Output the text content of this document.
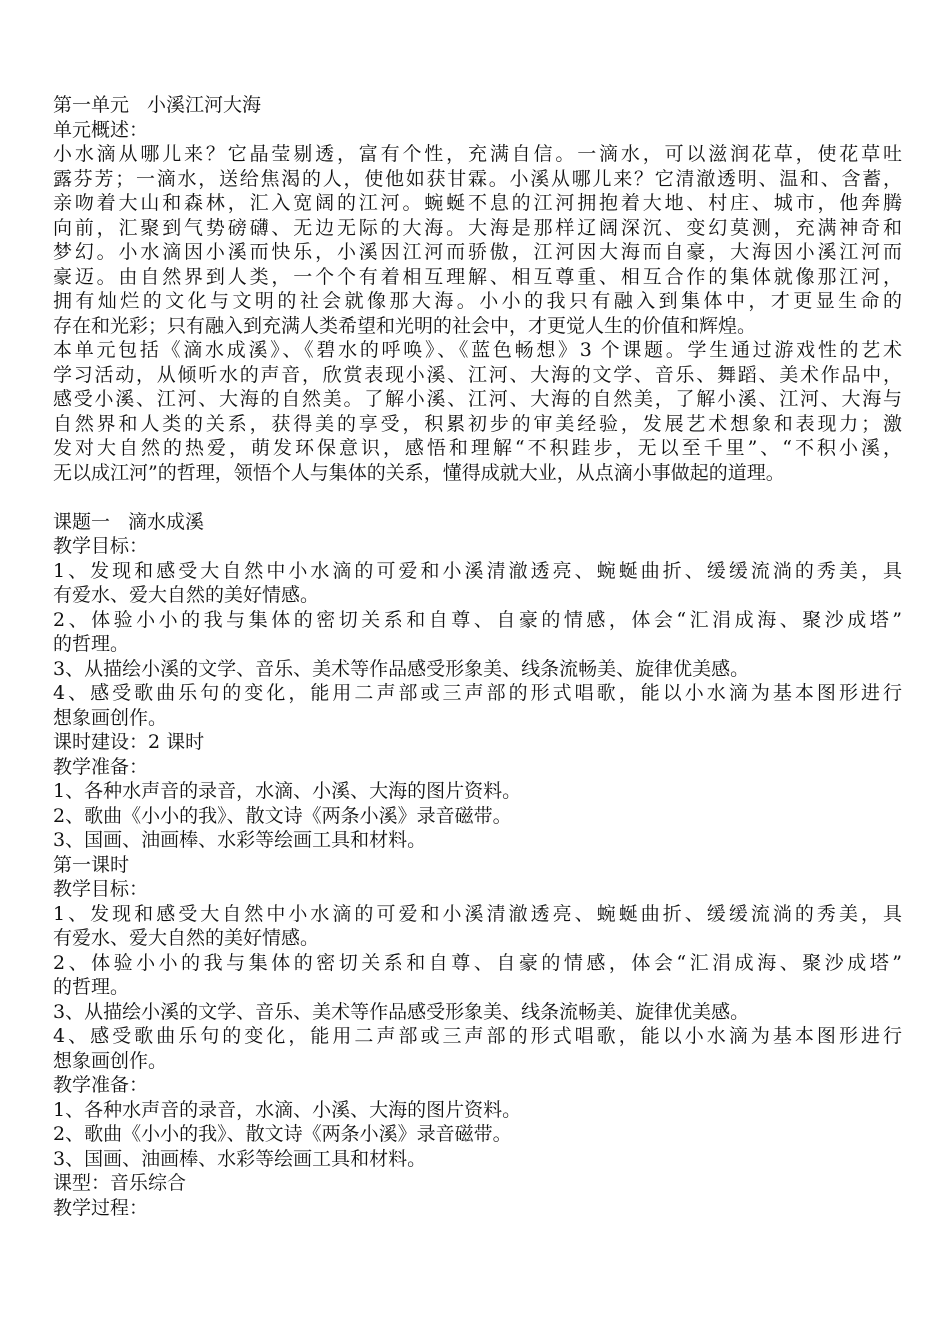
第一单元 小溪江河大海
单元概述：
小水滴从哪儿来？它晶莹剔透，富有个性，充满自信。一滴水，可以滋润花草，使花草吐
露芬芳；一滴水，送给焦渴的人，使他如获甘霖。小溪从哪儿来？它清澈透明、温和、含蓄，
亲吻着大山和森林，汇入宽阔的江河。蜿蜒不息的江河拥抱着大地、村庄、城市，他奔腾
向前，汇聚到气势磅礴、无边无际的大海。大海是那样辽阔深沉、变幻莫测，充满神奇和
梦幻。小水滴因小溪而快乐，小溪因江河而骄傲，江河因大海而自豪，大海因小溪江河而
豪迈。由自然界到人类，一个个有着相互理解、相互尊重、相互合作的集体就像那江河，
拥有灿烂的文化与文明的社会就像那大海。小小的我只有融入到集体中，才更显生命的
存在和光彩；只有融入到充满人类希望和光明的社会中，才更觉人生的价值和辉煌。
本单元包括《滴水成溪》、《碧水的呼唤》、《蓝色畅想》3 个课题。学生通过游戏性的艺术
学习活动，从倾听水的声音，欣赏表现小溪、江河、大海的文学、音乐、舞蹈、美术作品中，
感受小溪、江河、大海的自然美。了解小溪、江河、大海的自然美，了解小溪、江河、大海与
自然界和人类的关系，获得美的享受，积累初步的审美经验，发展艺术想象和表现力；激
发对大自然的热爱，萌发环保意识，感悟和理解“不积跬步，无以至千里”、“不积小溪，
无以成江河”的哲理，领悟个人与集体的关系，懂得成就大业，从点滴小事做起的道理。
课题一 滴水成溪
教学目标：
1、发现和感受大自然中小水滴的可爱和小溪清澈透亮、蜿蜒曲折、缓缓流淌的秀美，具
有爱水、爱大自然的美好情感。
2、体验小小的我与集体的密切关系和自尊、自豪的情感，体会“汇涓成海、聚沙成塔”
的哲理。
3、从描绘小溪的文学、音乐、美术等作品感受形象美、线条流畅美、旋律优美感。
4、感受歌曲乐句的变化，能用二声部或三声部的形式唱歌，能以小水滴为基本图形进行
想象画创作。
课时建设：2 课时
教学准备：
1、各种水声音的录音，水滴、小溪、大海的图片资料。
2、歌曲《小小的我》、散文诗《两条小溪》录音磁带。
3、国画、油画棒、水彩等绘画工具和材料。
第一课时
教学目标：
1、发现和感受大自然中小水滴的可爱和小溪清澈透亮、蜿蜒曲折、缓缓流淌的秀美，具
有爱水、爱大自然的美好情感。
2、体验小小的我与集体的密切关系和自尊、自豪的情感，体会“汇涓成海、聚沙成塔”
的哲理。
3、从描绘小溪的文学、音乐、美术等作品感受形象美、线条流畅美、旋律优美感。
4、感受歌曲乐句的变化，能用二声部或三声部的形式唱歌，能以小水滴为基本图形进行
想象画创作。
教学准备：
1、各种水声音的录音，水滴、小溪、大海的图片资料。
2、歌曲《小小的我》、散文诗《两条小溪》录音磁带。
3、国画、油画棒、水彩等绘画工具和材料。
课型：音乐综合
教学过程：
